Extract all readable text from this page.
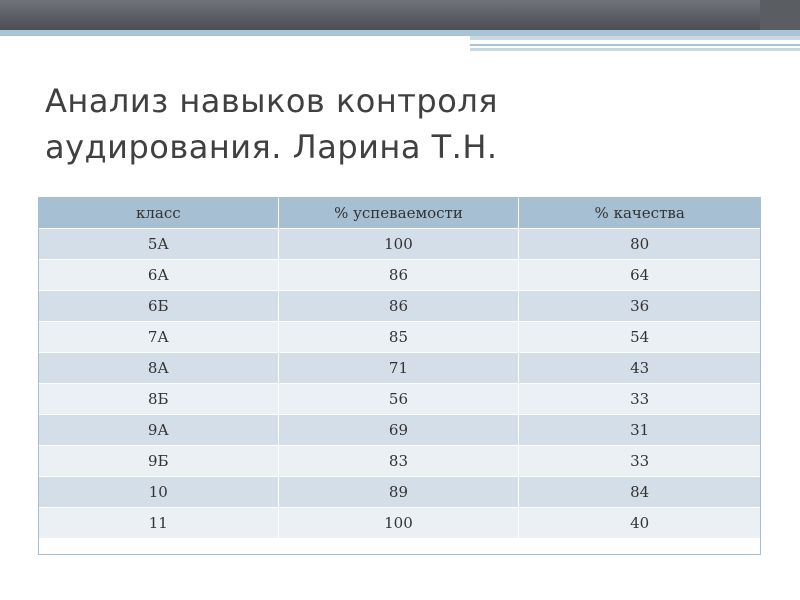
Анализ навыков контроля
аудирования. Ларина Т.Н.
класс	% успеваемости	% качества
5А	100	80
6А	86	64
6Б	86	36
7А	85	54
8А	71	43
8Б	56	33
9А	69	31
9Б	83	33
10	89	84
11	100	40
